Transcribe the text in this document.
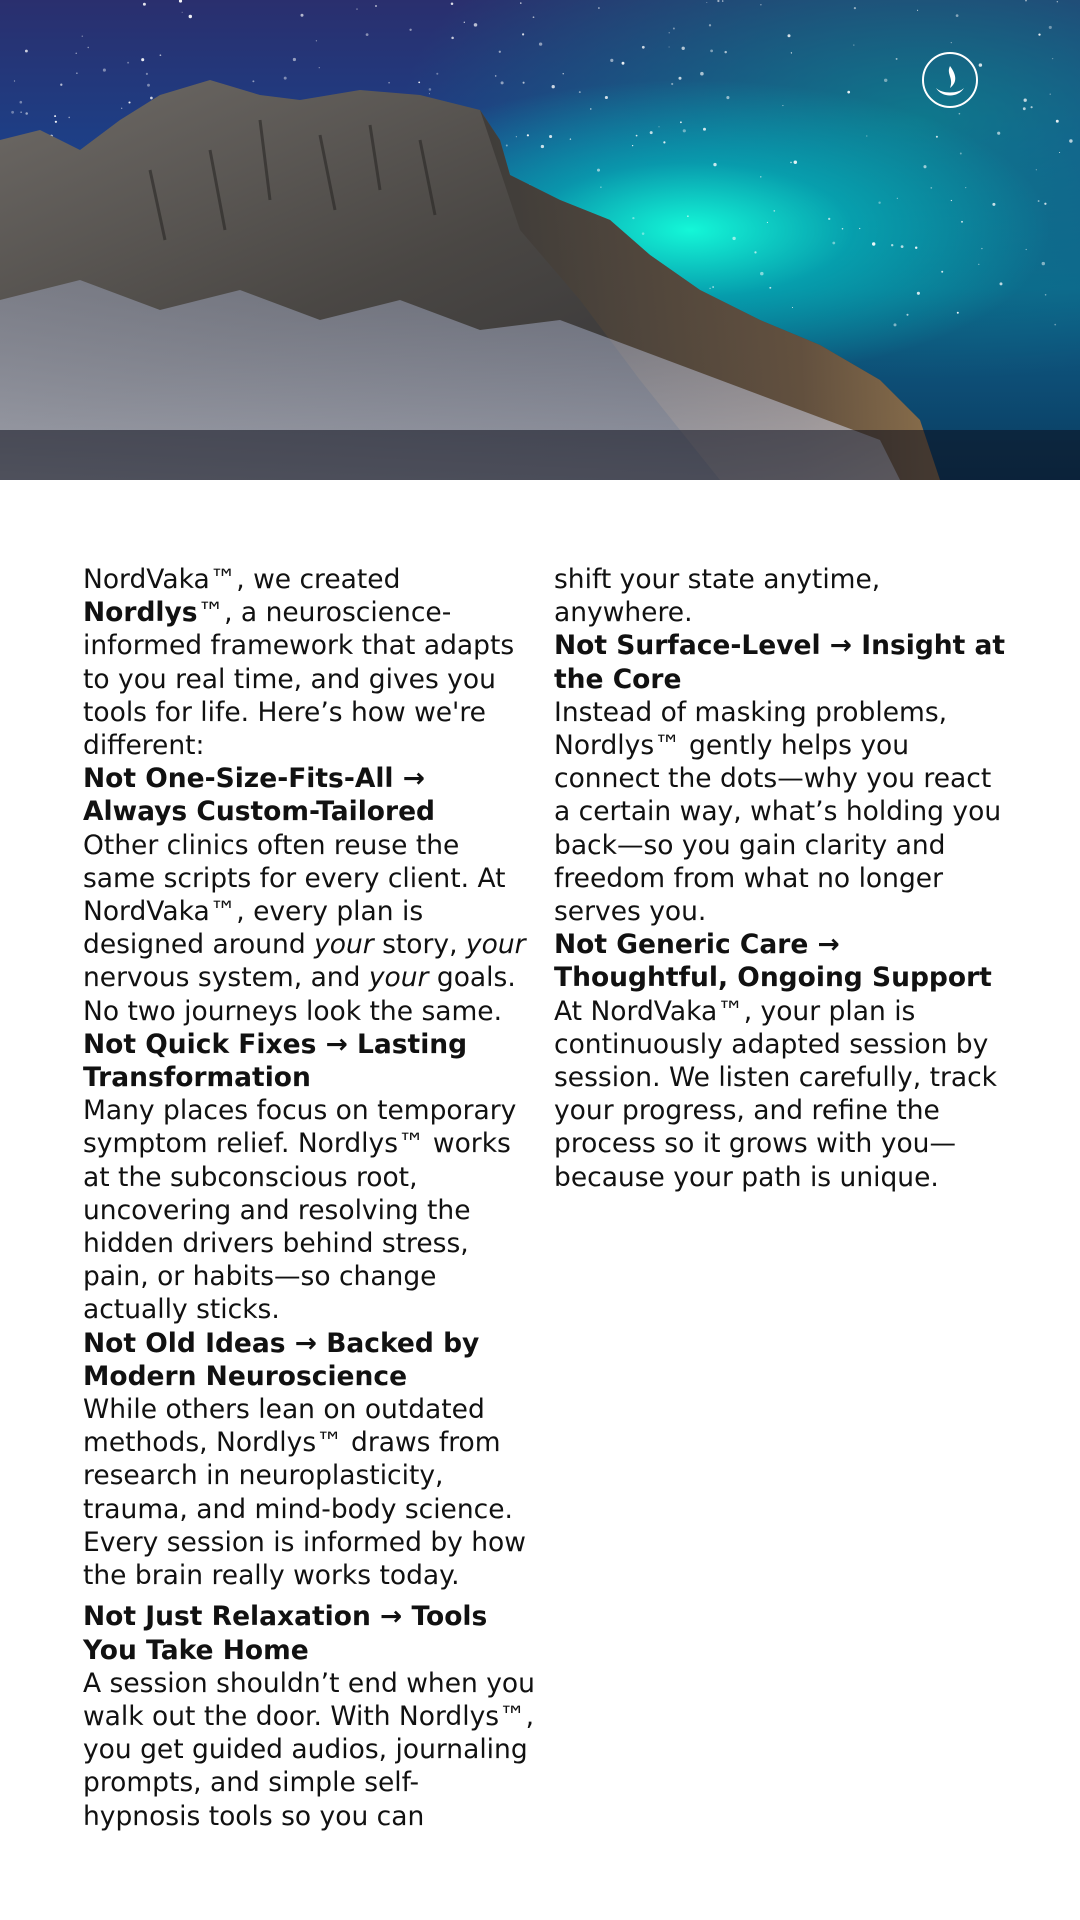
NordVaka™, we created Nordlys™, a neuroscience-informed framework that adapts to you real time, and gives you tools for life. Here’s how we're different:

Not One-Size-Fits-All → Always Custom-Tailored

Other clinics often reuse the same scripts for every client. At NordVaka™, every plan is designed around your story, your nervous system, and your goals. No two journeys look the same.

Not Quick Fixes → Lasting Transformation

Many places focus on temporary symptom relief. Nordlys™ works at the subconscious root, uncovering and resolving the hidden drivers behind stress, pain, or habits—so change actually sticks.

Not Old Ideas → Backed by Modern Neuroscience

While others lean on outdated methods, Nordlys™ draws from research in neuroplasticity, trauma, and mind-body science. Every session is informed by how the brain really works today.

Not Just Relaxation → Tools You Take Home

A session shouldn’t end when you walk out the door. With Nordlys™, you get guided audios, journaling prompts, and simple self-hypnosis tools so you can

shift your state anytime, anywhere.

Not Surface-Level → Insight at the Core

Instead of masking problems, Nordlys™ gently helps you connect the dots—why you react a certain way, what’s holding you back—so you gain clarity and freedom from what no longer serves you.

Not Generic Care → Thoughtful, Ongoing Support

At NordVaka™, your plan is continuously adapted session by session. We listen carefully, track your progress, and refine the process so it grows with you—because your path is unique.
